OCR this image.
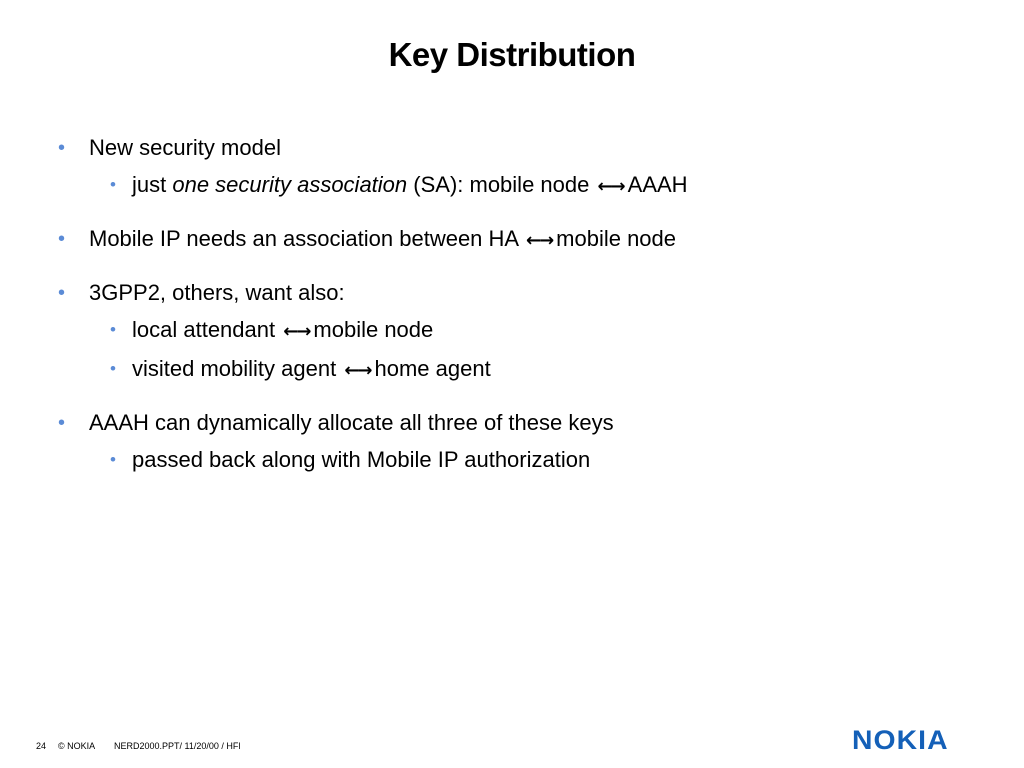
Key Distribution
• New security model
• just one security association (SA): mobile node ←→ AAAH
• Mobile IP needs an association between HA ←→ mobile node
• 3GPP2, others, want also:
• local attendant ←→ mobile node
• visited mobility agent ←→ home agent
• AAAH can dynamically allocate all three of these keys
• passed back along with Mobile IP authorization
24	© NOKIA	NERD2000.PPT/ 11/20/00 / HFl	NOKIA
